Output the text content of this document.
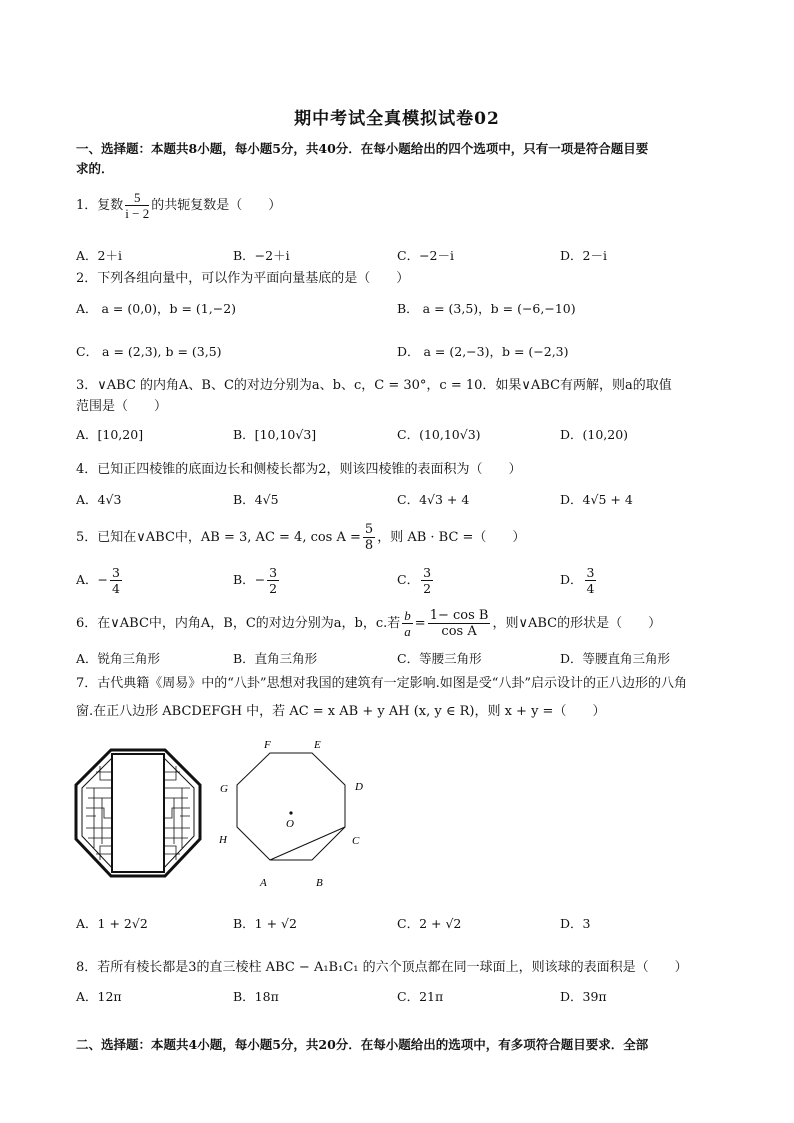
期中考试全真模拟试卷02
一、选择题：本题共8小题，每小题5分，共40分．在每小题给出的四个选项中，只有一项是符合题目要
求的．
1．复数 $\frac{5}{i - 2}$ 的共轭复数是（　　）
A．2＋i	B．−2＋i	C．−2－i	D．2－i
2．下列各组向量中，可以作为平面向量基底的是（　　）
A． a = (0,0)，b = (1,−2)	B． a = (3,5)，b = (−6,−10)
C． a = (2,3), b = (3,5)	D． a = (2,−3)，b = (−2,3)
3．∨ABC 的内角A、B、C的对边分别为a、b、c，C = 30°，c = 10．如果∨ABC有两解，则a的取值
范围是（　　）
A．[10,20]	B．[10,10√3]	C．(10,10√3)	D．(10,20)
4．已知正四棱锥的底面边长和侧棱长都为2，则该四棱锥的表面积为（　　）
A．4√3	B．4√5	C．4√3 + 4	D．4√5 + 4
5．已知在∨ABC中，AB = 3, AC = 4, $\cos A = \frac{5}{8}$ ，则 AB · BC =（　　）
A．− $\frac{3}{4}$	B．− $\frac{3}{2}$	C． $\frac{3}{2}$	D． $\frac{3}{4}$
6．在∨ABC中，内角A，B，C的对边分别为a，b，c.若 $\frac{b}{a} = \frac{\text{1− cos B}}{\text{cos A}}$ ，则∨ABC的形状是（　　）
A．锐角三角形	B．直角三角形	C．等腰三角形	D．等腰直角三角形
7．古代典籍《周易》中的“八卦”思想对我国的建筑有一定影响.如图是受“八卦”启示设计的正八边形的八角
窗.在正八边形 ABCDEFGH 中，若 AC = x AB + y AH (x, y ∈ R)，则 x + y =（　　）
F	E
D
C
B
A
H
G
O
A．1 + 2√2	B．1 + √2	C．2 + √2	D．3
8．若所有棱长都是3的直三棱柱 ABC − A₁B₁C₁ 的六个顶点都在同一球面上，则该球的表面积是（　　）
A．12π	B．18π	C．21π	D．39π
二、选择题：本题共4小题，每小题5分，共20分．在每小题给出的选项中，有多项符合题目要求．全部
